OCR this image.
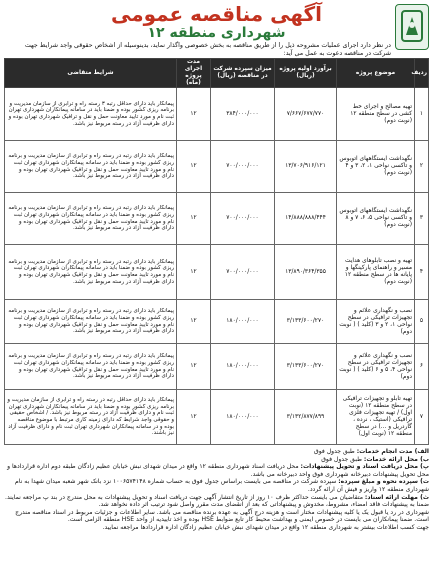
آگهی مناقصه عمومی
شهرداری منطقه ۱۲
در نظر دارد اجرای عملیات مشروحه ذیل را از طریق مناقصه به بخش خصوصی واگذار نماید، بدینوسیله از اشخاص حقوقی واجد شرایط جهت شرکت در مناقصه دعوت به عمل می آید:
ردیف	موضوع پروژه	برآورد اولیه پروژه (ریال)	میزان سپرده شرکت در مناقصه (ریال)	مدت اجرای پروژه (ماه)	شرایط متقاضی
۱	تهیه مصالح و اجرای خط کشی در سطح منطقه ۱۲ (نوبت دوم)	۷/۶۶۷/۶۷۷/۷۷۰	۳۸۴/۰۰۰/۰۰۰	۱۲	پیمانکار باید دارای حداقل رتبه ۳ رسته راه و ترابری از سازمان مدیریت و برنامه ریزی کشور بوده و ضمنا باید در سامانه پیمانکاران شهرداری تهران ثبت نام و مورد تایید معاونت حمل و نقل و ترافیک شهرداری تهران بوده و دارای ظرفیت آزاد در رسته مربوط نیز باشد.
۲	نگهداشت ایستگاههای اتوبوس و تاکسی نواحی ۱، ۲، ۳ و ۴ (نوبت دوم)	۱۳/۷۰۶/۹۱۶/۱۲۱	۷۰۰/۰۰۰/۰۰۰	۱۲	پیمانکار باید دارای رتبه در رسته راه و ترابری از سازمان مدیریت و برنامه ریزی کشور بوده و ضمنا باید در سامانه پیمانکاران شهرداری تهران ثبت نام و مورد تایید معاونت حمل و نقل و ترافیک شهرداری تهران بوده و دارای ظرفیت آزاد در رسته مربوط نیز باشد.
۳	نگهداشت ایستگاههای اتوبوس و تاکسی نواحی ۵، ۶، ۷ و ۸ (نوبت دوم)	۱۴/۸۸۸/۸۸۸/۴۴۴	۷۰۰/۰۰۰/۰۰۰	۱۲	پیمانکار باید دارای رتبه در رسته راه و ترابری از سازمان مدیریت و برنامه ریزی کشور بوده و ضمنا باید در سامانه پیمانکاران شهرداری تهران ثبت نام و مورد تایید معاونت حمل و نقل و ترافیک شهرداری تهران بوده و دارای ظرفیت آزاد در رسته مربوط نیز باشد.
۴	تهیه و نصب تابلوهای هدایت مسیر و راهنمای پارکینگها و پایانه ها در سطح منطقه ۱۲ (نوبت دوم)	۱۳/۸۹۰/۳۶۴/۳۵۵	۷۰۰/۰۰۰/۰۰۰	۱۲	پیمانکار باید دارای رتبه در رسته راه و ترابری از سازمان مدیریت و برنامه ریزی کشور بوده و ضمنا باید در سامانه پیمانکاران شهرداری تهران ثبت نام و مورد تایید معاونت حمل و نقل و ترافیک شهرداری تهران بوده و دارای ظرفیت آزاد در رسته مربوط نیز باشد.
۵	نصب و نگهداری علائم و تجهیزات ترافیکی در سطح نواحی ۱، ۲ و ۳ (کلید ) ( نوبت دوم)	۳/۱۳۳/۶۰۰/۲۷۰	۱۸۰/۰۰۰/۰۰۰	۱۲	پیمانکار باید دارای رتبه در رسته راه و ترابری از سازمان مدیریت و برنامه ریزی کشور بوده و ضمنا باید در سامانه پیمانکاران شهرداری تهران ثبت نام و مورد تایید معاونت حمل و نقل و ترافیک شهرداری تهران بوده و دارای ظرفیت آزاد در رسته مربوط نیز باشد.
۶	نصب و نگهداری علائم و تجهیزات ترافیکی در سطح نواحی ۴، ۵ و ۶ (کلید ) ( نوبت دوم)	۳/۱۳۳/۶۰۰/۲۷۰	۱۸۰/۰۰۰/۰۰۰	۱۲	پیمانکار باید دارای رتبه در رسته راه و ترابری از سازمان مدیریت و برنامه ریزی کشور بوده و ضمنا باید در سامانه پیمانکاران شهرداری تهران ثبت نام و مورد تایید معاونت حمل و نقل و ترافیک شهرداری تهران بوده و دارای ظرفیت آزاد در رسته مربوط نیز باشد.
۷	تهیه تابلو و تجهیزات ترافیکی در سطح منطقه ۱۲ (نوبت اول) / تهیه تجهیزات فلزی ترافیکی (استیک ، نرده ، گاردریل و ...) در سطح منطقه ۱۲ (نوبت اول)	۳/۱۳۲/۸۷۷/۸۹۹	۱۸۰/۰۰۰/۰۰۰	۱۲	پیمانکار باید دارای حداقل رتبه در رسته راه و ترابری از سازمان مدیریت و برنامه ریزی کشور بوده و ضمنا باید در سامانه پیمانکاران شهرداری تهران ثبت نام و دارای ظرفیت آزاد در رسته مربوط نیز باشد. / اشخاص حقیقی و حقوقی واجد شرایط که دارای زمینه کاری مرتبط با موضوع مناقصه بوده و در سامانه پیمانکاران شهرداری تهران ثبت نام و دارای ظرفیت آزاد نیز باشند.

الف) مدت انجام خدمات: طبق جدول فوق

ب) محل ارائه خدمات: طبق جدول فوق

پ) محل دریافت اسناد و تحویل پیشنهادات: محل دریافت اسناد شهرداری منطقه ۱۲ واقع در میدان شهدای نبش خیابان عظیم زادگان طبقه دوم اداره قراردادها و محل تحویل پیشنهادات دبیرخانه شهرداری فوق واحد دبیرخانه می باشد.

ت) سپرده نحوه و مبلغ سپرده: سپرده شرکت در مناقصه می بایست براساس جدول فوق به حساب شماره ۱۰۰۶۵۷۴۱۴۸ نزد بانک شهر شعبه میدان شهدا به نام شهرداری منطقه ۱۲ واریز و فیش آن ارائه گردد.

ث) مهلت ارائه اسناد: متقاضیان می بایست حداکثر ظرف ۱۰ روز از تاریخ انتشار آگهی جهت دریافت اسناد و تحویل پیشنهادات به محل مندرج در بند پ مراجعه نمایند. ضمنا به پیشنهادات فاقد امضاء، مشروط، مخدوش و پیشنهاداتی که بعد از انقضای مدت مقرر واصل شود ترتیب اثر داده نخواهد شد.

شهرداری در رد یا قبول یک یا کلیه پیشنهادات مختار است و هزینه درج آگهی به عهده برنده مناقصه می باشد. سایر اطلاعات و جزئیات مربوط در اسناد مناقصه مندرج است. ضمنا پیمانکاران می بایست در خصوص ایمنی و بهداشت محیط کار تابع ضوابط HSE بوده و اخذ تاییدیه از واحد HSE منطقه الزامی است.

جهت کسب اطلاعات بیشتر به شهرداری منطقه ۱۲ واقع در میدان شهدای نبش خیابان عظیم زادگان اداره قراردادها مراجعه نمایید.
